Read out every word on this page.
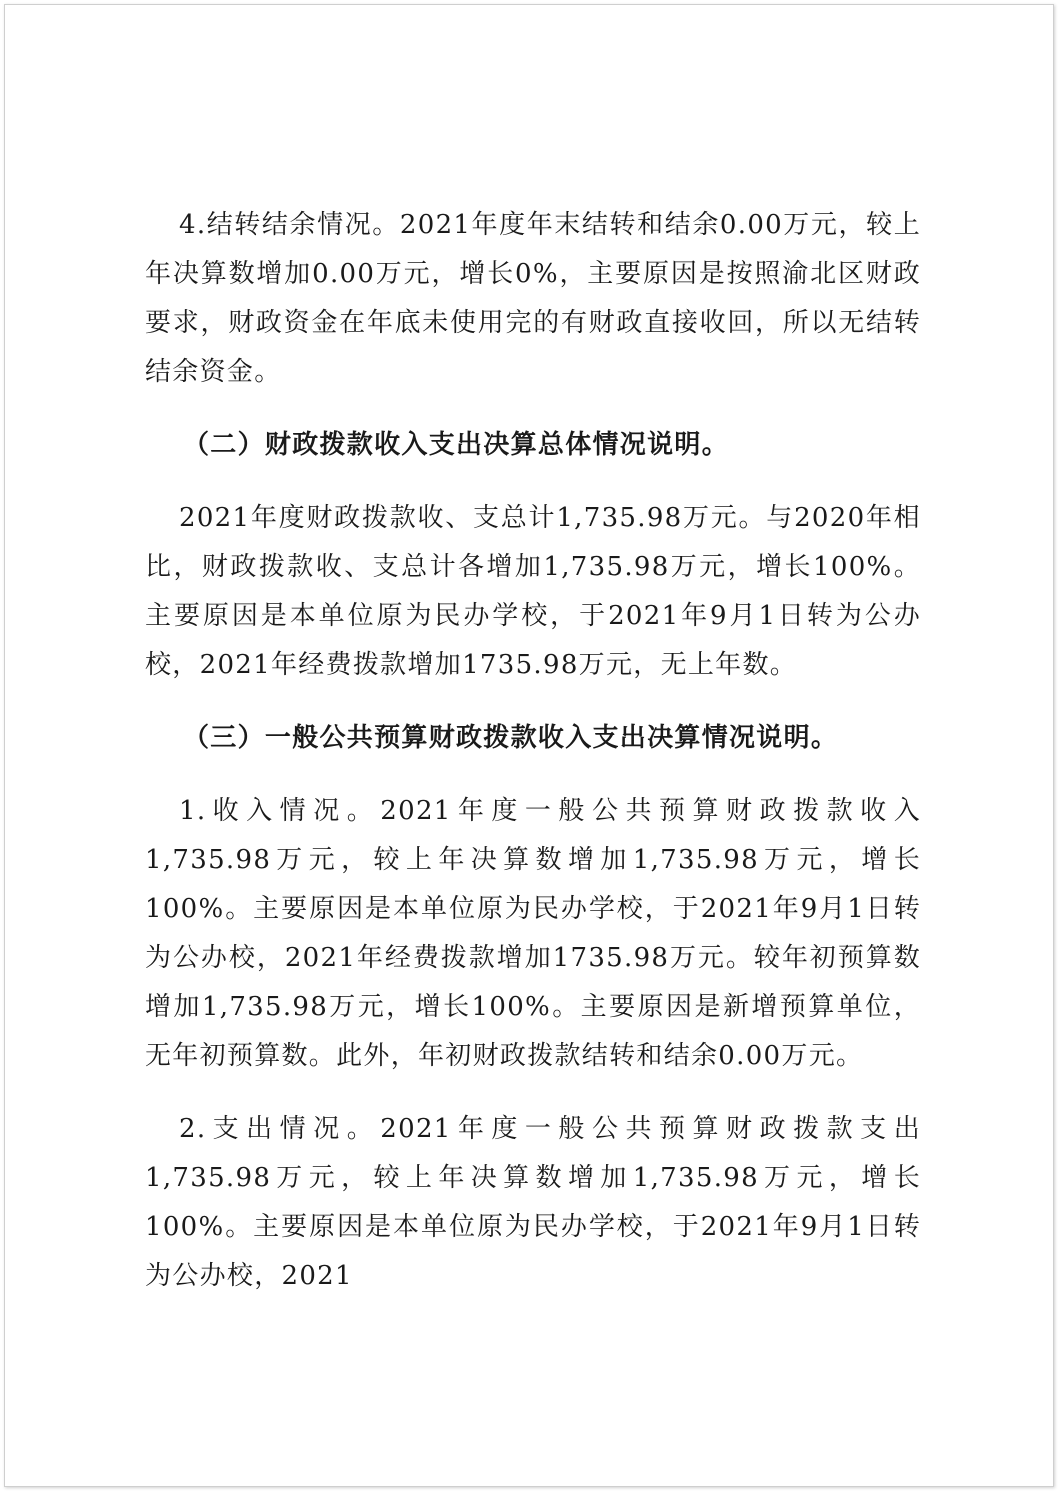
4.结转结余情况。2021年度年末结转和结余0.00万元，较上年决算数增加0.00万元，增长0%，主要原因是按照渝北区财政要求，财政资金在年底未使用完的有财政直接收回，所以无结转结余资金。

（二）财政拨款收入支出决算总体情况说明。

2021年度财政拨款收、支总计1,735.98万元。与2020年相比，财政拨款收、支总计各增加1,735.98万元，增长100%。主要原因是本单位原为民办学校，于2021年9月1日转为公办校，2021年经费拨款增加1735.98万元，无上年数。

（三）一般公共预算财政拨款收入支出决算情况说明。

1.收入情况。2021年度一般公共预算财政拨款收入1,735.98万元，较上年决算数增加1,735.98万元，增长100%。主要原因是本单位原为民办学校，于2021年9月1日转为公办校，2021年经费拨款增加1735.98万元。较年初预算数增加1,735.98万元，增长100%。主要原因是新增预算单位，无年初预算数。此外，年初财政拨款结转和结余0.00万元。

2.支出情况。2021年度一般公共预算财政拨款支出1,735.98万元，较上年决算数增加1,735.98万元，增长100%。主要原因是本单位原为民办学校，于2021年9月1日转为公办校，2021
